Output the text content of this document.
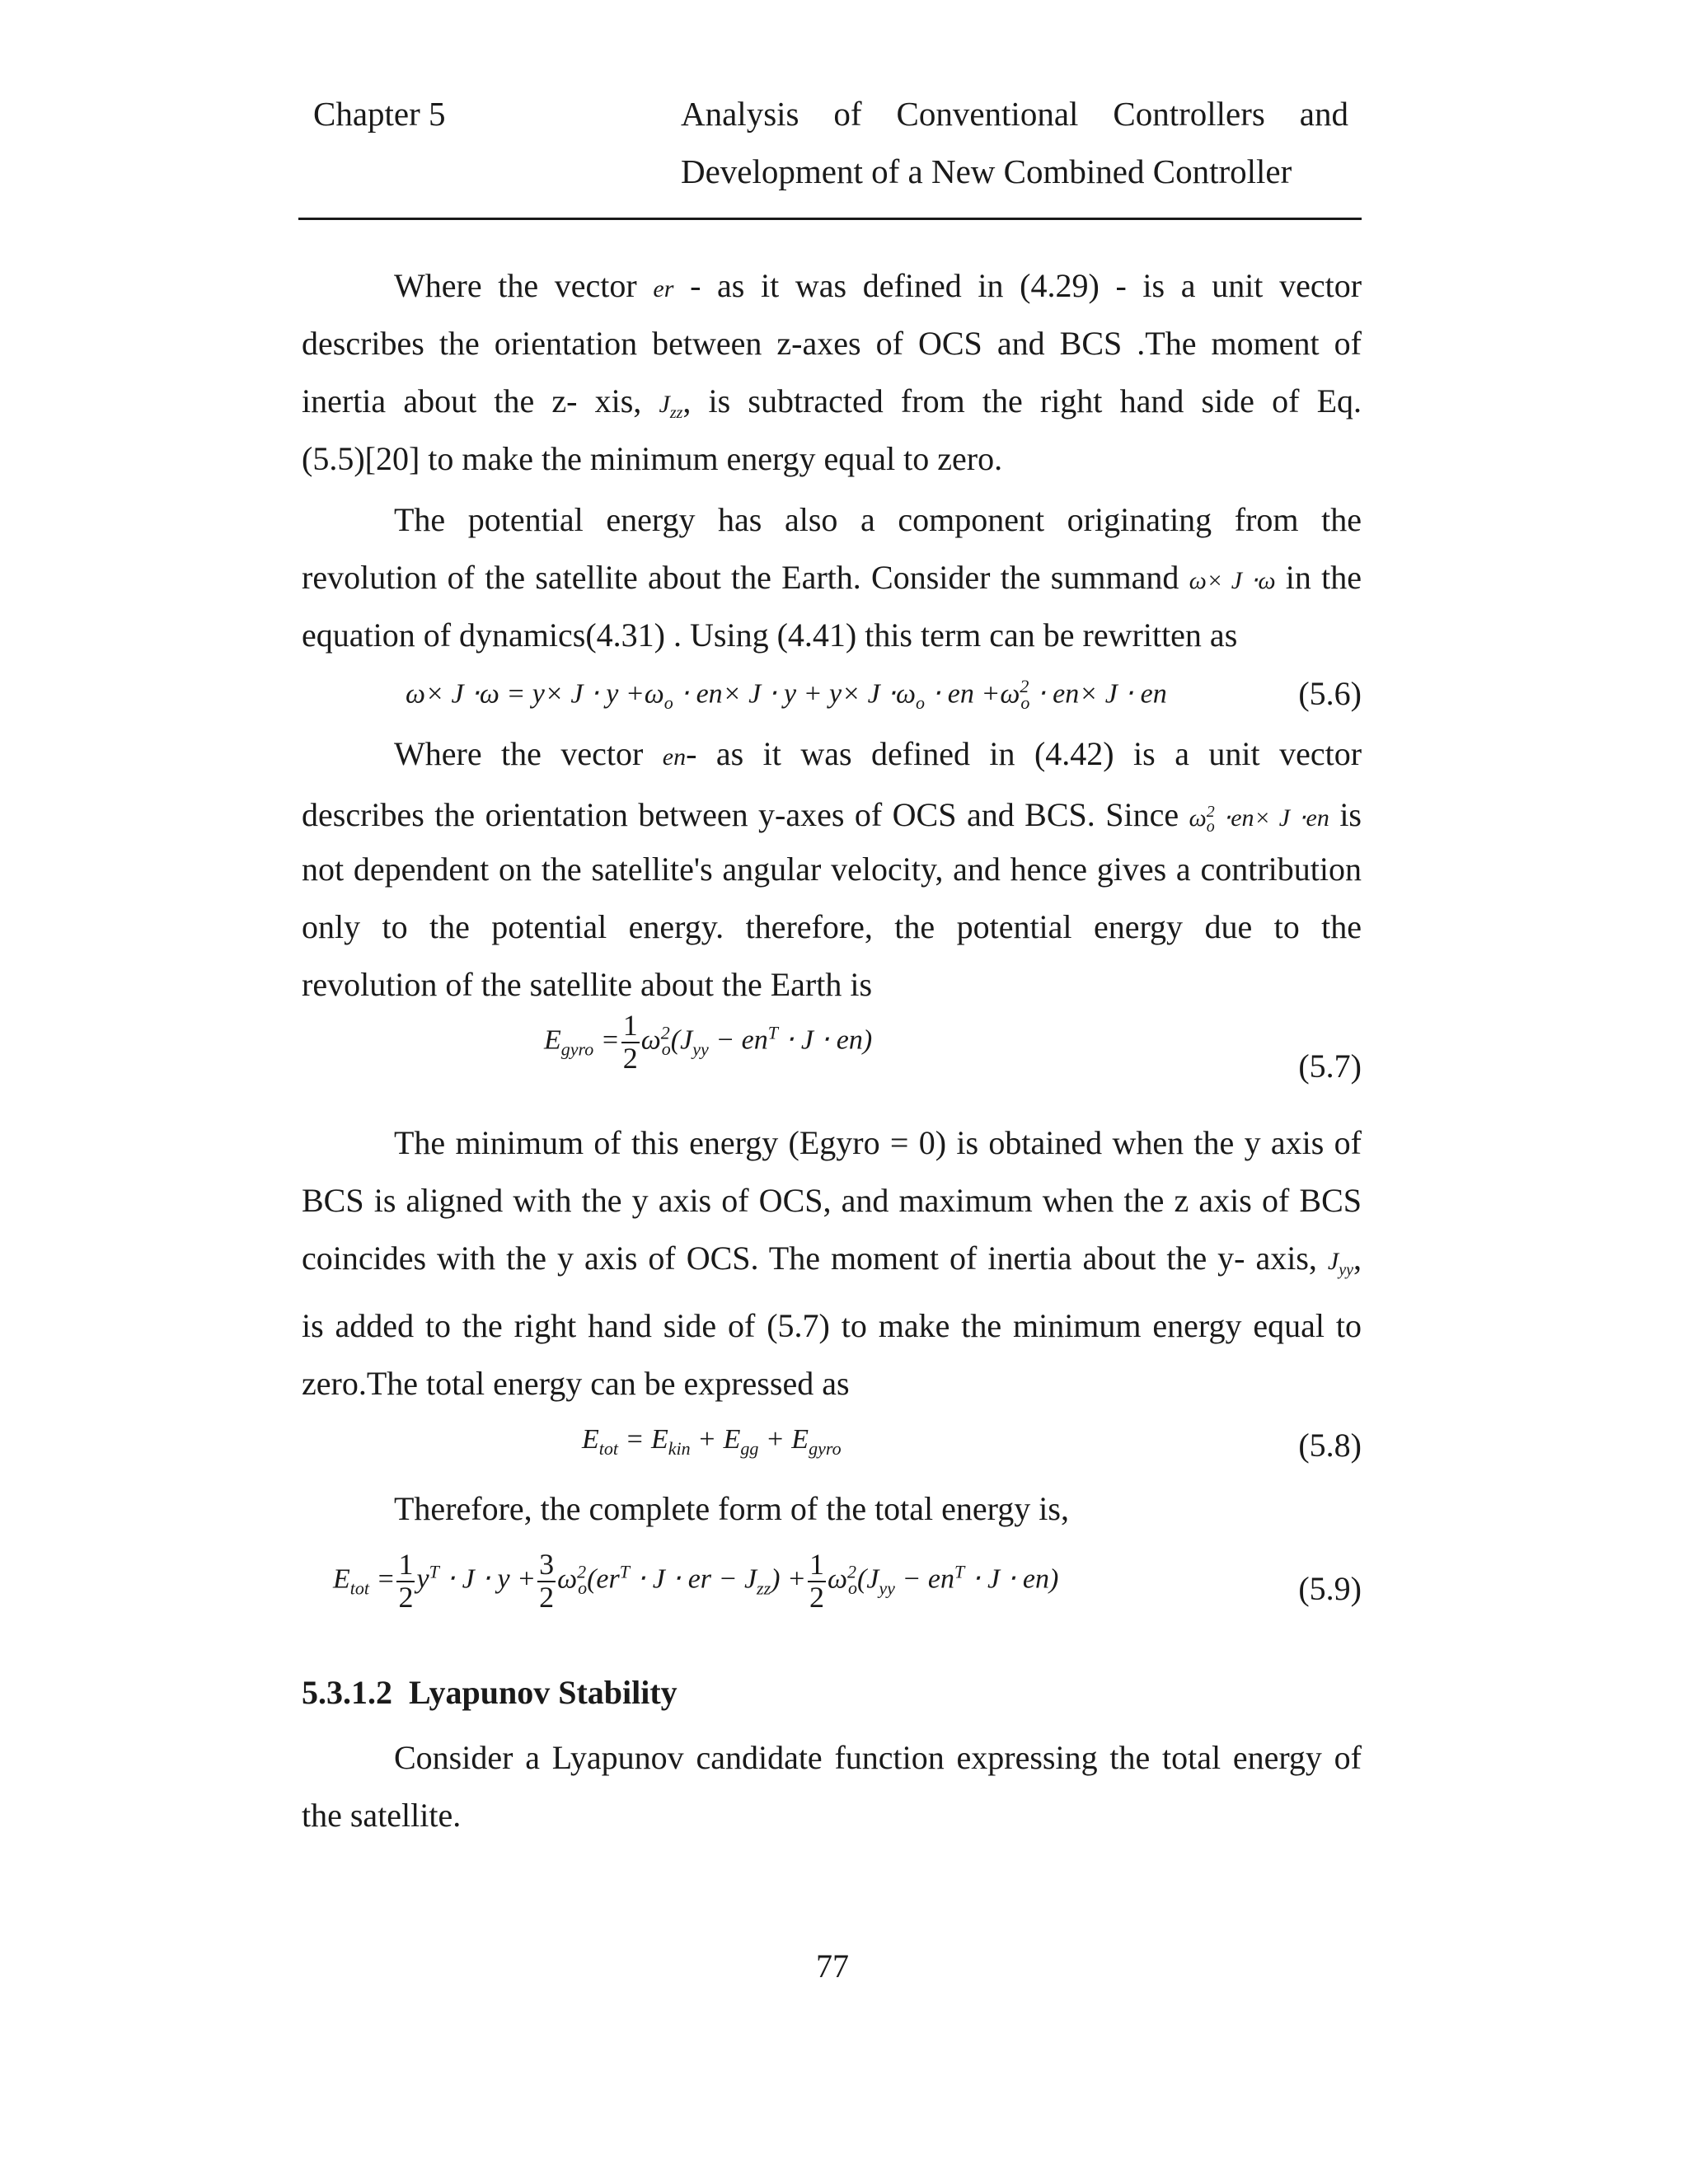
Chapter 5	Analysis of Conventional Controllers and
Development of a New Combined Controller
Where the vector er - as it was defined in (4.29) - is a unit vector
describes the orientation between z-axes of OCS and BCS .The moment of
inertia about the z- xis, $J_{zz}$, is subtracted from the right hand side of Eq.
(5.5)[20] to make the minimum energy equal to zero.
The potential energy has also a component originating from the
revolution of the satellite about the Earth. Consider the summand ω× J ⋅ω in the
equation of dynamics(4.31) . Using (4.41) this term can be rewritten as
$\omega\times J \cdot\omega = y\times J \cdot y +\omega_o \cdot en\times J \cdot y + y\times J \cdot\omega_o$ ⋅ en $+\omega^2_o \cdot en\times J$ ⋅ en	(5.6)
Where the vector en- as it was defined in (4.42) is a unit vector
describes the orientation between y-axes of OCS and BCS. Since $\omega^2_o \cdot en\times J \cdot en$ is
not dependent on the satellite's angular velocity, and hence gives a contribution
only to the potential energy. therefore, the potential energy due to the
revolution of the satellite about the Earth is
$E_{gyro} = \frac{1}{2} \omega^2_o(J_{yy} - en^T \cdot J \cdot en)$
(5.7)
The minimum of this energy (Egyro = 0) is obtained when the y axis of
BCS is aligned with the y axis of OCS, and maximum when the z axis of BCS
coincides with the y axis of OCS. The moment of inertia about the y- axis, $J_{yy}$,
is added to the right hand side of (5.7) to make the minimum energy equal to
zero.The total energy can be expressed as
$E_{tot} = E_{kin} + E_{gg} + E_{gyro}$	(5.8)
Therefore, the complete form of the total energy is,
$E_{tot} = \frac{1}{2} y^T \cdot J \cdot y + \frac{3}{2} \omega^2_o(er^T \cdot J$ ⋅ er − $J_{zz}) + \frac{1}{2} \omega^2_o(J_{yy} - en^T \cdot J \cdot en)$	(5.9)
5.3.1.2 Lyapunov Stability
Consider a Lyapunov candidate function expressing the total energy of
the satellite.
77
